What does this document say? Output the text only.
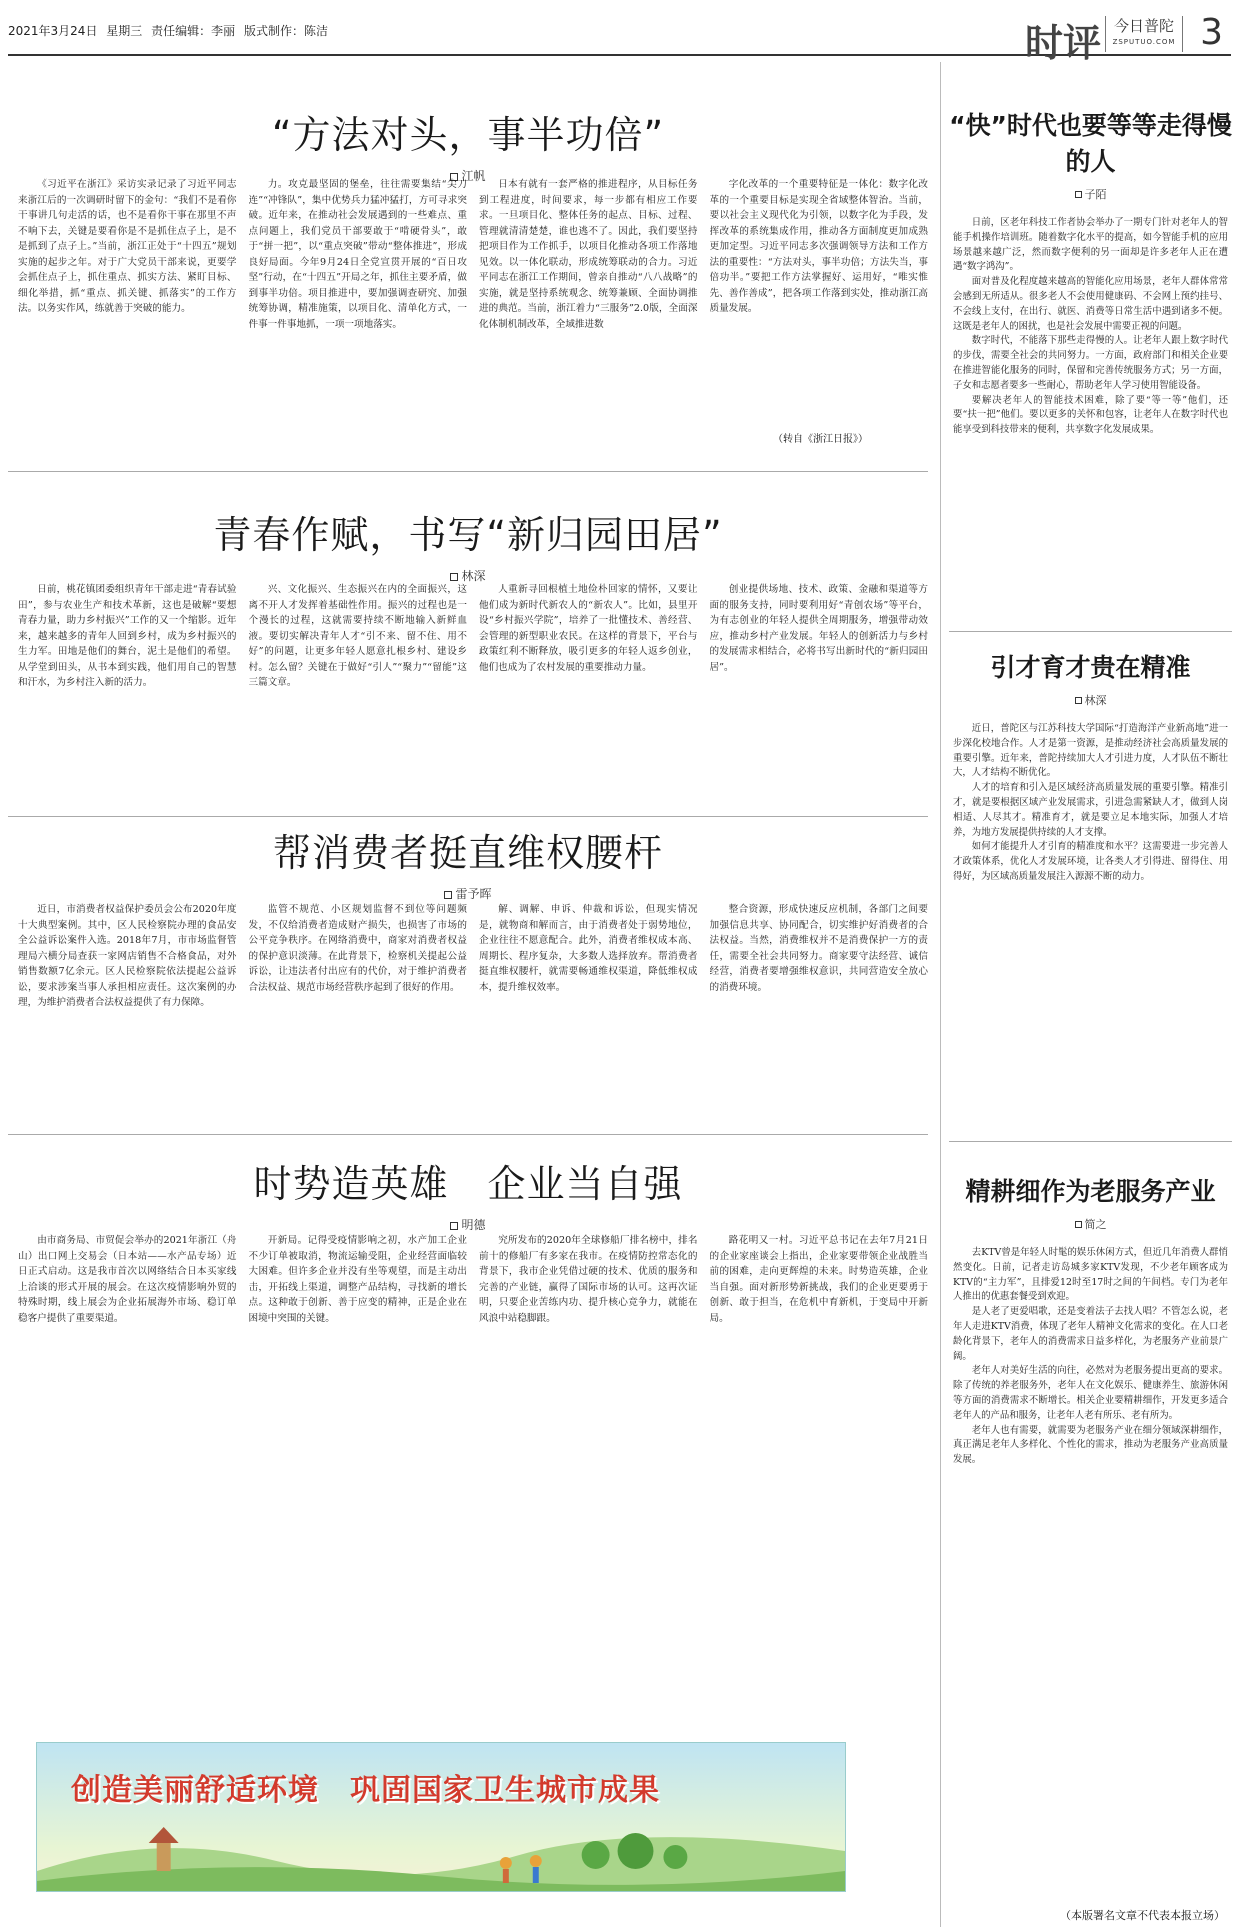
2021年3月24日 星期三 责任编辑：李丽 版式制作：陈洁	时评 今日普陀
ZSPUTUO.COM 3
“方法对头，事半功倍”
江帆

《习近平在浙江》采访实录记录了习近平同志来浙江后的一次调研时留下的金句：“我们不是看你干事讲几句走活的话，也不是看你干事在那里不声不响下去，关键是要看你是不是抓住点子上，是不是抓到了点子上。”当前，浙江正处于“十四五”规划实施的起步之年。对于广大党员干部来说，更要学会抓住点子上，抓住重点、抓实方法、紧盯目标、细化举措，抓“重点、抓关键、抓落实”的工作方法。以务实作风，练就善于突破的能力。

力。攻克最坚固的堡垒，往往需要集结“尖刀连”“冲锋队”，集中优势兵力猛冲猛打，方可寻求突破。近年来，在推动社会发展遇到的一些难点、重点问题上，我们党员干部要敢于“啃硬骨头”，敢于“拼一把”，以“重点突破”带动“整体推进”，形成良好局面。今年9月24日全党宣贯开展的“百日攻坚”行动，在“十四五”开局之年，抓住主要矛盾，做到事半功倍。项目推进中，要加强调查研究、加强统筹协调，精准施策，以项目化、清单化方式，一件事一件事地抓，一项一项地落实。

日本有就有一套严格的推进程序，从目标任务到工程进度，时间要求，每一步都有相应工作要求。一旦项目化、整体任务的起点、目标、过程、管理就清清楚楚，谁也逃不了。因此，我们要坚持把项目作为工作抓手，以项目化推动各项工作落地见效。以一体化联动，形成统筹联动的合力。习近平同志在浙江工作期间，曾亲自推动“八八战略”的实施，就是坚持系统观念、统筹兼顾、全面协调推进的典范。当前，浙江着力“三服务”2.0版，全面深化体制机制改革，全域推进数

字化改革的一个重要特征是一体化：数字化改革的一个重要目标是实现全省域整体智治。当前，要以社会主义现代化为引领，以数字化为手段，发挥改革的系统集成作用，推动各方面制度更加成熟更加定型。习近平同志多次强调领导方法和工作方法的重要性：“方法对头，事半功倍；方法失当，事倍功半。”要把工作方法掌握好、运用好，“唯实惟先、善作善成”，把各项工作落到实处，推动浙江高质量发展。

（转自《浙江日报》）
青春作赋，书写“新归园田居”
林深

日前，桃花镇团委组织青年干部走进“青春试验田”，参与农业生产和技术革新，这也是破解“要想青春力量，助力乡村振兴”工作的又一个缩影。近年来，越来越多的青年人回到乡村，成为乡村振兴的生力军。田地是他们的舞台，泥土是他们的希望。从学堂到田头，从书本到实践，他们用自己的智慧和汗水，为乡村注入新的活力。

兴、文化振兴、生态振兴在内的全面振兴，这离不开人才发挥着基础性作用。振兴的过程也是一个漫长的过程，这就需要持续不断地输入新鲜血液。要切实解决青年人才“引不来、留不住、用不好”的问题，让更多年轻人愿意扎根乡村、建设乡村。怎么留？关键在于做好“引人”“聚力”“留能”这三篇文章。

人重新寻回根植土地俭朴回家的情怀，又要让他们成为新时代新农人的“新农人”。比如，县里开设“乡村振兴学院”，培养了一批懂技术、善经营、会管理的新型职业农民。在这样的背景下，平台与政策红利不断释放，吸引更多的年轻人返乡创业，他们也成为了农村发展的重要推动力量。

创业提供场地、技术、政策、金融和渠道等方面的服务支持，同时要利用好“青创农场”等平台，为有志创业的年轻人提供全周期服务，增强带动效应，推动乡村产业发展。年轻人的创新活力与乡村的发展需求相结合，必将书写出新时代的“新归园田居”。

帮消费者挺直维权腰杆
雷予晖

近日，市消费者权益保护委员会公布2020年度十大典型案例。其中，区人民检察院办理的食品安全公益诉讼案件入选。2018年7月，市市场监督管理局六横分局查获一家网店销售不合格食品，对外销售数额7亿余元。区人民检察院依法提起公益诉讼，要求涉案当事人承担相应责任。这次案例的办理，为维护消费者合法权益提供了有力保障。

监管不规范、小区规划监督不到位等问题频发，不仅给消费者造成财产损失，也损害了市场的公平竞争秩序。在网络消费中，商家对消费者权益的保护意识淡薄。在此背景下，检察机关提起公益诉讼，让违法者付出应有的代价，对于维护消费者合法权益、规范市场经营秩序起到了很好的作用。

解、调解、申诉、仲裁和诉讼，但现实情况是，就物商和解而言，由于消费者处于弱势地位，企业往往不愿意配合。此外，消费者维权成本高、周期长、程序复杂，大多数人选择放弃。帮消费者挺直维权腰杆，就需要畅通维权渠道，降低维权成本，提升维权效率。

整合资源，形成快速反应机制，各部门之间要加强信息共享、协同配合，切实维护好消费者的合法权益。当然，消费维权并不是消费保护一方的责任，需要全社会共同努力。商家要守法经营、诚信经营，消费者要增强维权意识，共同营造安全放心的消费环境。

时势造英雄　企业当自强
明德

由市商务局、市贸促会举办的2021年浙江（舟山）出口网上交易会（日本站——水产品专场）近日正式启动。这是我市首次以网络结合日本买家线上洽谈的形式开展的展会。在这次疫情影响外贸的特殊时期，线上展会为企业拓展海外市场、稳订单稳客户提供了重要渠道。

开新局。记得受疫情影响之初，水产加工企业不少订单被取消，物流运输受阻，企业经营面临较大困难。但许多企业并没有坐等观望，而是主动出击，开拓线上渠道，调整产品结构，寻找新的增长点。这种敢于创新、善于应变的精神，正是企业在困境中突围的关键。

究所发布的2020年全球修船厂排名榜中，排名前十的修船厂有多家在我市。在疫情防控常态化的背景下，我市企业凭借过硬的技术、优质的服务和完善的产业链，赢得了国际市场的认可。这再次证明，只要企业苦练内功、提升核心竞争力，就能在风浪中站稳脚跟。

路花明又一村。习近平总书记在去年7月21日的企业家座谈会上指出，企业家要带领企业战胜当前的困难，走向更辉煌的未来。时势造英雄，企业当自强。面对新形势新挑战，我们的企业更要勇于创新、敢于担当，在危机中育新机，于变局中开新局。

创造美丽舒适环境　巩固国家卫生城市成果
“快”时代也要等等走得慢的人
子陌

日前，区老年科技工作者协会举办了一期专门针对老年人的智能手机操作培训班。随着数字化水平的提高，如今智能手机的应用场景越来越广泛，然而数字便利的另一面却是许多老年人正在遭遇“数字鸿沟”。

面对普及化程度越来越高的智能化应用场景，老年人群体常常会感到无所适从。很多老人不会使用健康码、不会网上预约挂号、不会线上支付，在出行、就医、消费等日常生活中遇到诸多不便。这既是老年人的困扰，也是社会发展中需要正视的问题。

数字时代，不能落下那些走得慢的人。让老年人跟上数字时代的步伐，需要全社会的共同努力。一方面，政府部门和相关企业要在推进智能化服务的同时，保留和完善传统服务方式；另一方面，子女和志愿者要多一些耐心，帮助老年人学习使用智能设备。

要解决老年人的智能技术困难，除了要“等一等”他们，还要“扶一把”他们。要以更多的关怀和包容，让老年人在数字时代也能享受到科技带来的便利，共享数字化发展成果。

引才育才贵在精准
林深

近日，普陀区与江苏科技大学国际“打造海洋产业新高地”进一步深化校地合作。人才是第一资源，是推动经济社会高质量发展的重要引擎。近年来，普陀持续加大人才引进力度，人才队伍不断壮大，人才结构不断优化。

人才的培育和引入是区域经济高质量发展的重要引擎。精准引才，就是要根据区域产业发展需求，引进急需紧缺人才，做到人岗相适、人尽其才。精准育才，就是要立足本地实际，加强人才培养，为地方发展提供持续的人才支撑。

如何才能提升人才引育的精准度和水平？这需要进一步完善人才政策体系，优化人才发展环境，让各类人才引得进、留得住、用得好，为区域高质量发展注入源源不断的动力。

精耕细作为老服务产业
简之

去KTV曾是年轻人时髦的娱乐休闲方式，但近几年消费人群悄然变化。日前，记者走访岛城多家KTV发现，不少老年顾客成为KTV的“主力军”，且排爱12时至17时之间的午间档。专门为老年人推出的优惠套餐受到欢迎。

是人老了更爱唱歌，还是变着法子去找人唱？不管怎么说，老年人走进KTV消费，体现了老年人精神文化需求的变化。在人口老龄化背景下，老年人的消费需求日益多样化，为老服务产业前景广阔。

老年人对美好生活的向往，必然对为老服务提出更高的要求。除了传统的养老服务外，老年人在文化娱乐、健康养生、旅游休闲等方面的消费需求不断增长。相关企业要精耕细作，开发更多适合老年人的产品和服务，让老年人老有所乐、老有所为。

老年人也有需要，就需要为老服务产业在细分领域深耕细作，真正满足老年人多样化、个性化的需求，推动为老服务产业高质量发展。

（本版署名文章不代表本报立场）
